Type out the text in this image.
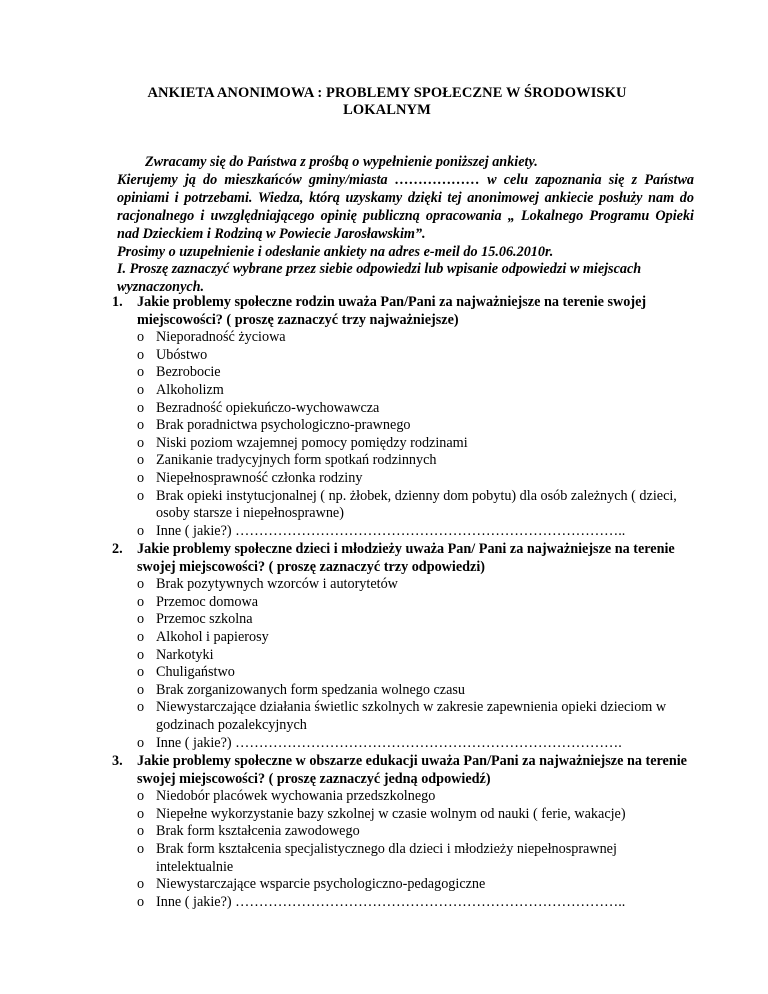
ANKIETA ANONIMOWA : PROBLEMY SPOŁECZNE W ŚRODOWISKU
LOKALNYM
Zwracamy się do Państwa z prośbą o wypełnienie poniższej ankiety.
Kierujemy ją do mieszkańców gminy/miasta ……………… w celu zapoznania się z Państwa opiniami i potrzebami. Wiedza, którą uzyskamy dzięki tej anonimowej ankiecie posłuży nam do racjonalnego i uwzględniającego opinię publiczną opracowania „ Lokalnego Programu Opieki nad Dzieckiem i Rodziną w Powiecie Jarosławskim”.
Prosimy o uzupełnienie i odesłanie ankiety na adres e-meil do 15.06.2010r.
I. Proszę zaznaczyć wybrane przez siebie odpowiedzi lub wpisanie odpowiedzi w miejscach wyznaczonych.
1.	Jakie problemy społeczne rodzin uważa Pan/Pani za najważniejsze na terenie swojej miejscowości? ( proszę zaznaczyć trzy najważniejsze)
o Nieporadność życiowa
o Ubóstwo
o Bezrobocie
o Alkoholizm
o Bezradność opiekuńczo-wychowawcza
o Brak poradnictwa psychologiczno-prawnego
o Niski poziom wzajemnej pomocy pomiędzy rodzinami
o Zanikanie tradycyjnych form spotkań rodzinnych
o Niepełnosprawność członka rodziny
o Brak opieki instytucjonalnej ( np. żłobek, dzienny dom pobytu) dla osób zależnych ( dzieci, osoby starsze i niepełnosprawne)
o Inne ( jakie?) ………………………………………………………………………..
2.	Jakie problemy społeczne dzieci i młodzieży uważa Pan/ Pani za najważniejsze na terenie swojej miejscowości? ( proszę zaznaczyć trzy odpowiedzi)
o Brak pozytywnych wzorców i autorytetów
o Przemoc domowa
o Przemoc szkolna
o Alkohol i papierosy
o Narkotyki
o Chuligaństwo
o Brak zorganizowanych form spedzania wolnego czasu
o Niewystarczające działania świetlic szkolnych w zakresie zapewnienia opieki dzieciom w godzinach pozalekcyjnych
o Inne ( jakie?) ……………………………………………………………………….
3.	Jakie problemy społeczne w obszarze edukacji uważa Pan/Pani za najważniejsze na terenie swojej miejscowości? ( proszę zaznaczyć jedną odpowiedź)
o Niedobór placówek wychowania przedszkolnego
o Niepełne wykorzystanie bazy szkolnej w czasie wolnym od nauki ( ferie, wakacje)
o Brak form kształcenia zawodowego
o Brak form kształcenia specjalistycznego dla dzieci i młodzieży niepełnosprawnej intelektualnie
o Niewystarczające wsparcie psychologiczno-pedagogiczne
o Inne ( jakie?) ………………………………………………………………………..
